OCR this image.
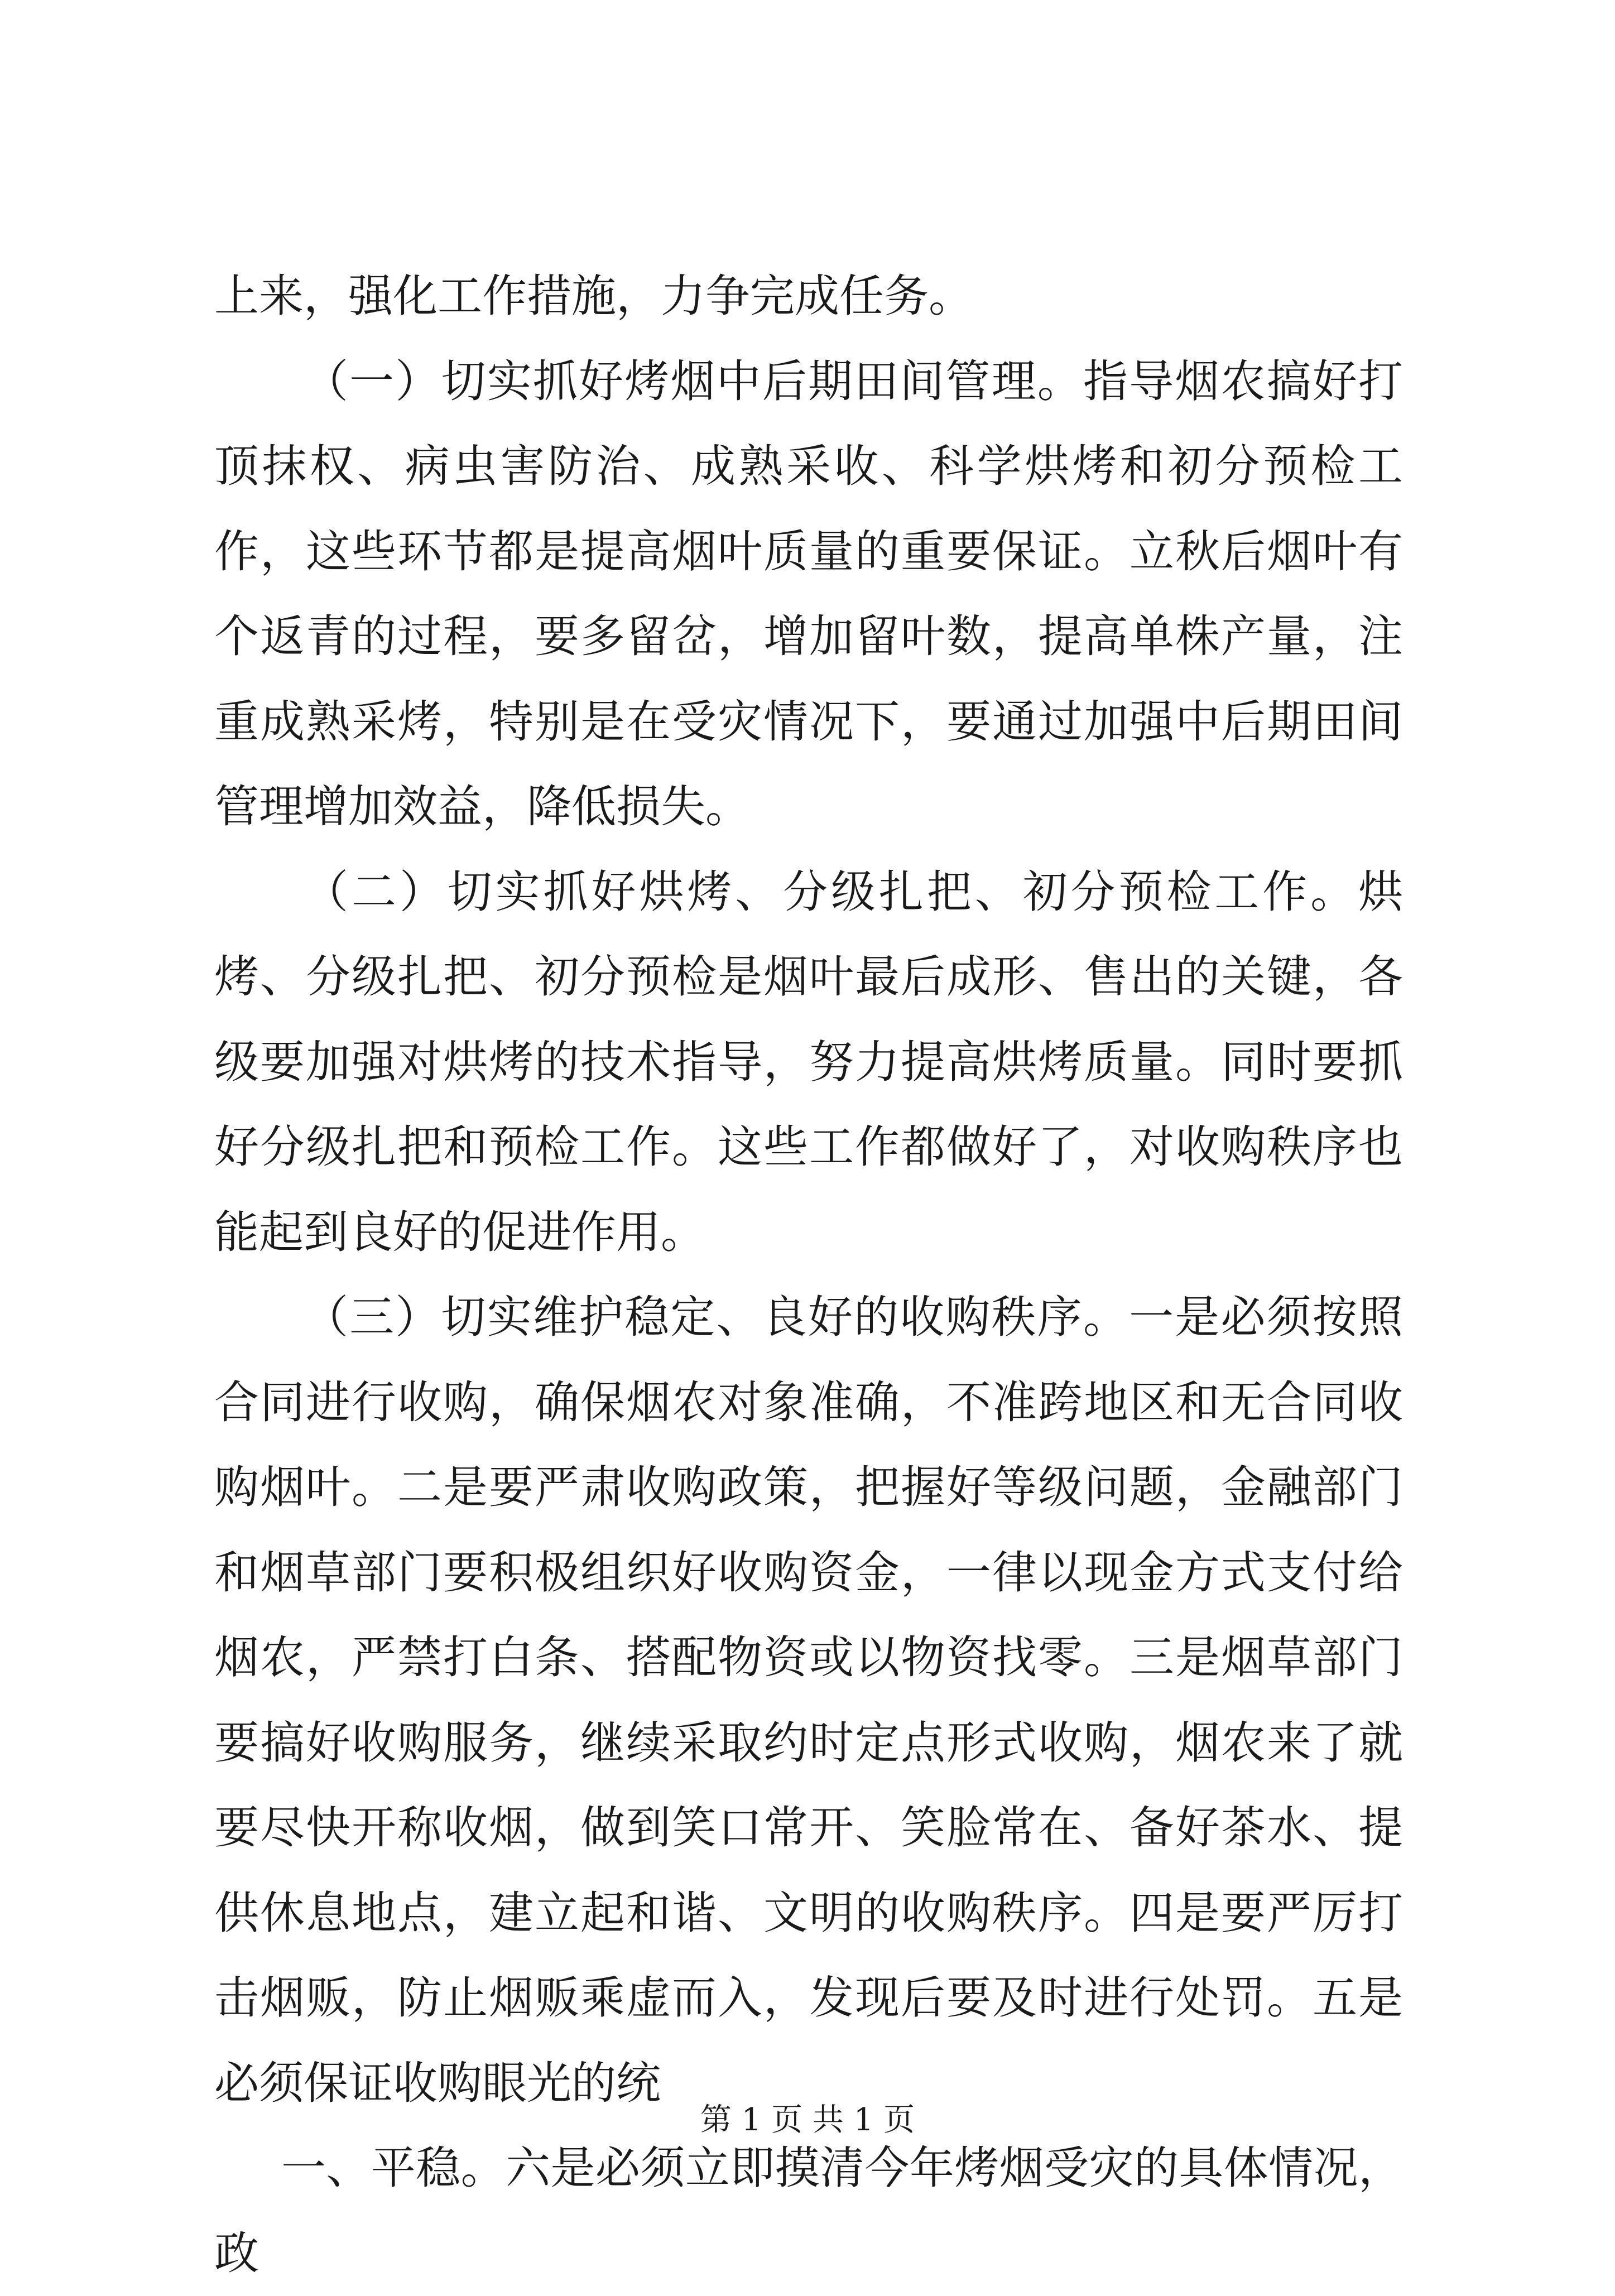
上来，强化工作措施，力争完成任务。

（一）切实抓好烤烟中后期田间管理。指导烟农搞好打顶抹权、病虫害防治、成熟采收、科学烘烤和初分预检工作，这些环节都是提高烟叶质量的重要保证。立秋后烟叶有个返青的过程，要多留岔，增加留叶数，提高单株产量，注重成熟采烤，特别是在受灾情况下，要通过加强中后期田间管理增加效益，降低损失。

（二）切实抓好烘烤、分级扎把、初分预检工作。烘烤、分级扎把、初分预检是烟叶最后成形、售出的关键，各级要加强对烘烤的技术指导，努力提高烘烤质量。同时要抓好分级扎把和预检工作。这些工作都做好了，对收购秩序也能起到良好的促进作用。

（三）切实维护稳定、良好的收购秩序。一是必须按照合同进行收购，确保烟农对象准确，不准跨地区和无合同收购烟叶。二是要严肃收购政策，把握好等级问题，金融部门和烟草部门要积极组织好收购资金，一律以现金方式支付给烟农，严禁打白条、搭配物资或以物资找零。三是烟草部门要搞好收购服务，继续采取约时定点形式收购，烟农来了就要尽快开称收烟，做到笑口常开、笑脸常在、备好茶水、提供休息地点，建立起和谐、文明的收购秩序。四是要严厉打击烟贩，防止烟贩乘虚而入，发现后要及时进行处罚。五是必须保证收购眼光的统

一、平稳。六是必须立即摸清今年烤烟受灾的具体情况，政

第 1 页 共 1 页
